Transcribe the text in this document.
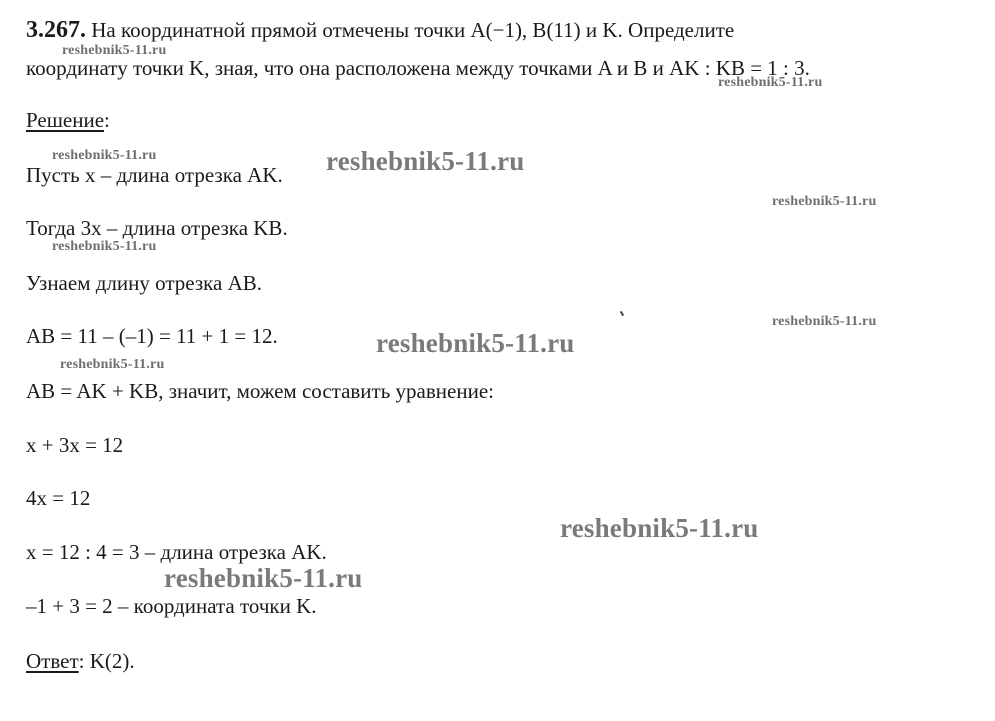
3.267. На координатной прямой отмечены точки A(−1), B(11) и K. Определите
координату точки K, зная, что она расположена между точками A и B и AK : KB = 1 : 3.
Решение:
Пусть x – длина отрезка AK.
Тогда 3x – длина отрезка KB.
Узнаем длину отрезка AB.
AB = 11 – (–1) = 11 + 1 = 12.
AB = AK + KB, значит, можем составить уравнение:
x + 3x = 12
4x = 12
x = 12 : 4 = 3 – длина отрезка AK.
–1 + 3 = 2 – координата точки K.
Ответ: K(2).
reshebnik5-11.ru
reshebnik5-11.ru
reshebnik5-11.ru	reshebnik5-11.ru
reshebnik5-11.ru
reshebnik5-11.ru
reshebnik5-11.ru
reshebnik5-11.ru
reshebnik5-11.ru
reshebnik5-11.ru
reshebnik5-11.ru
